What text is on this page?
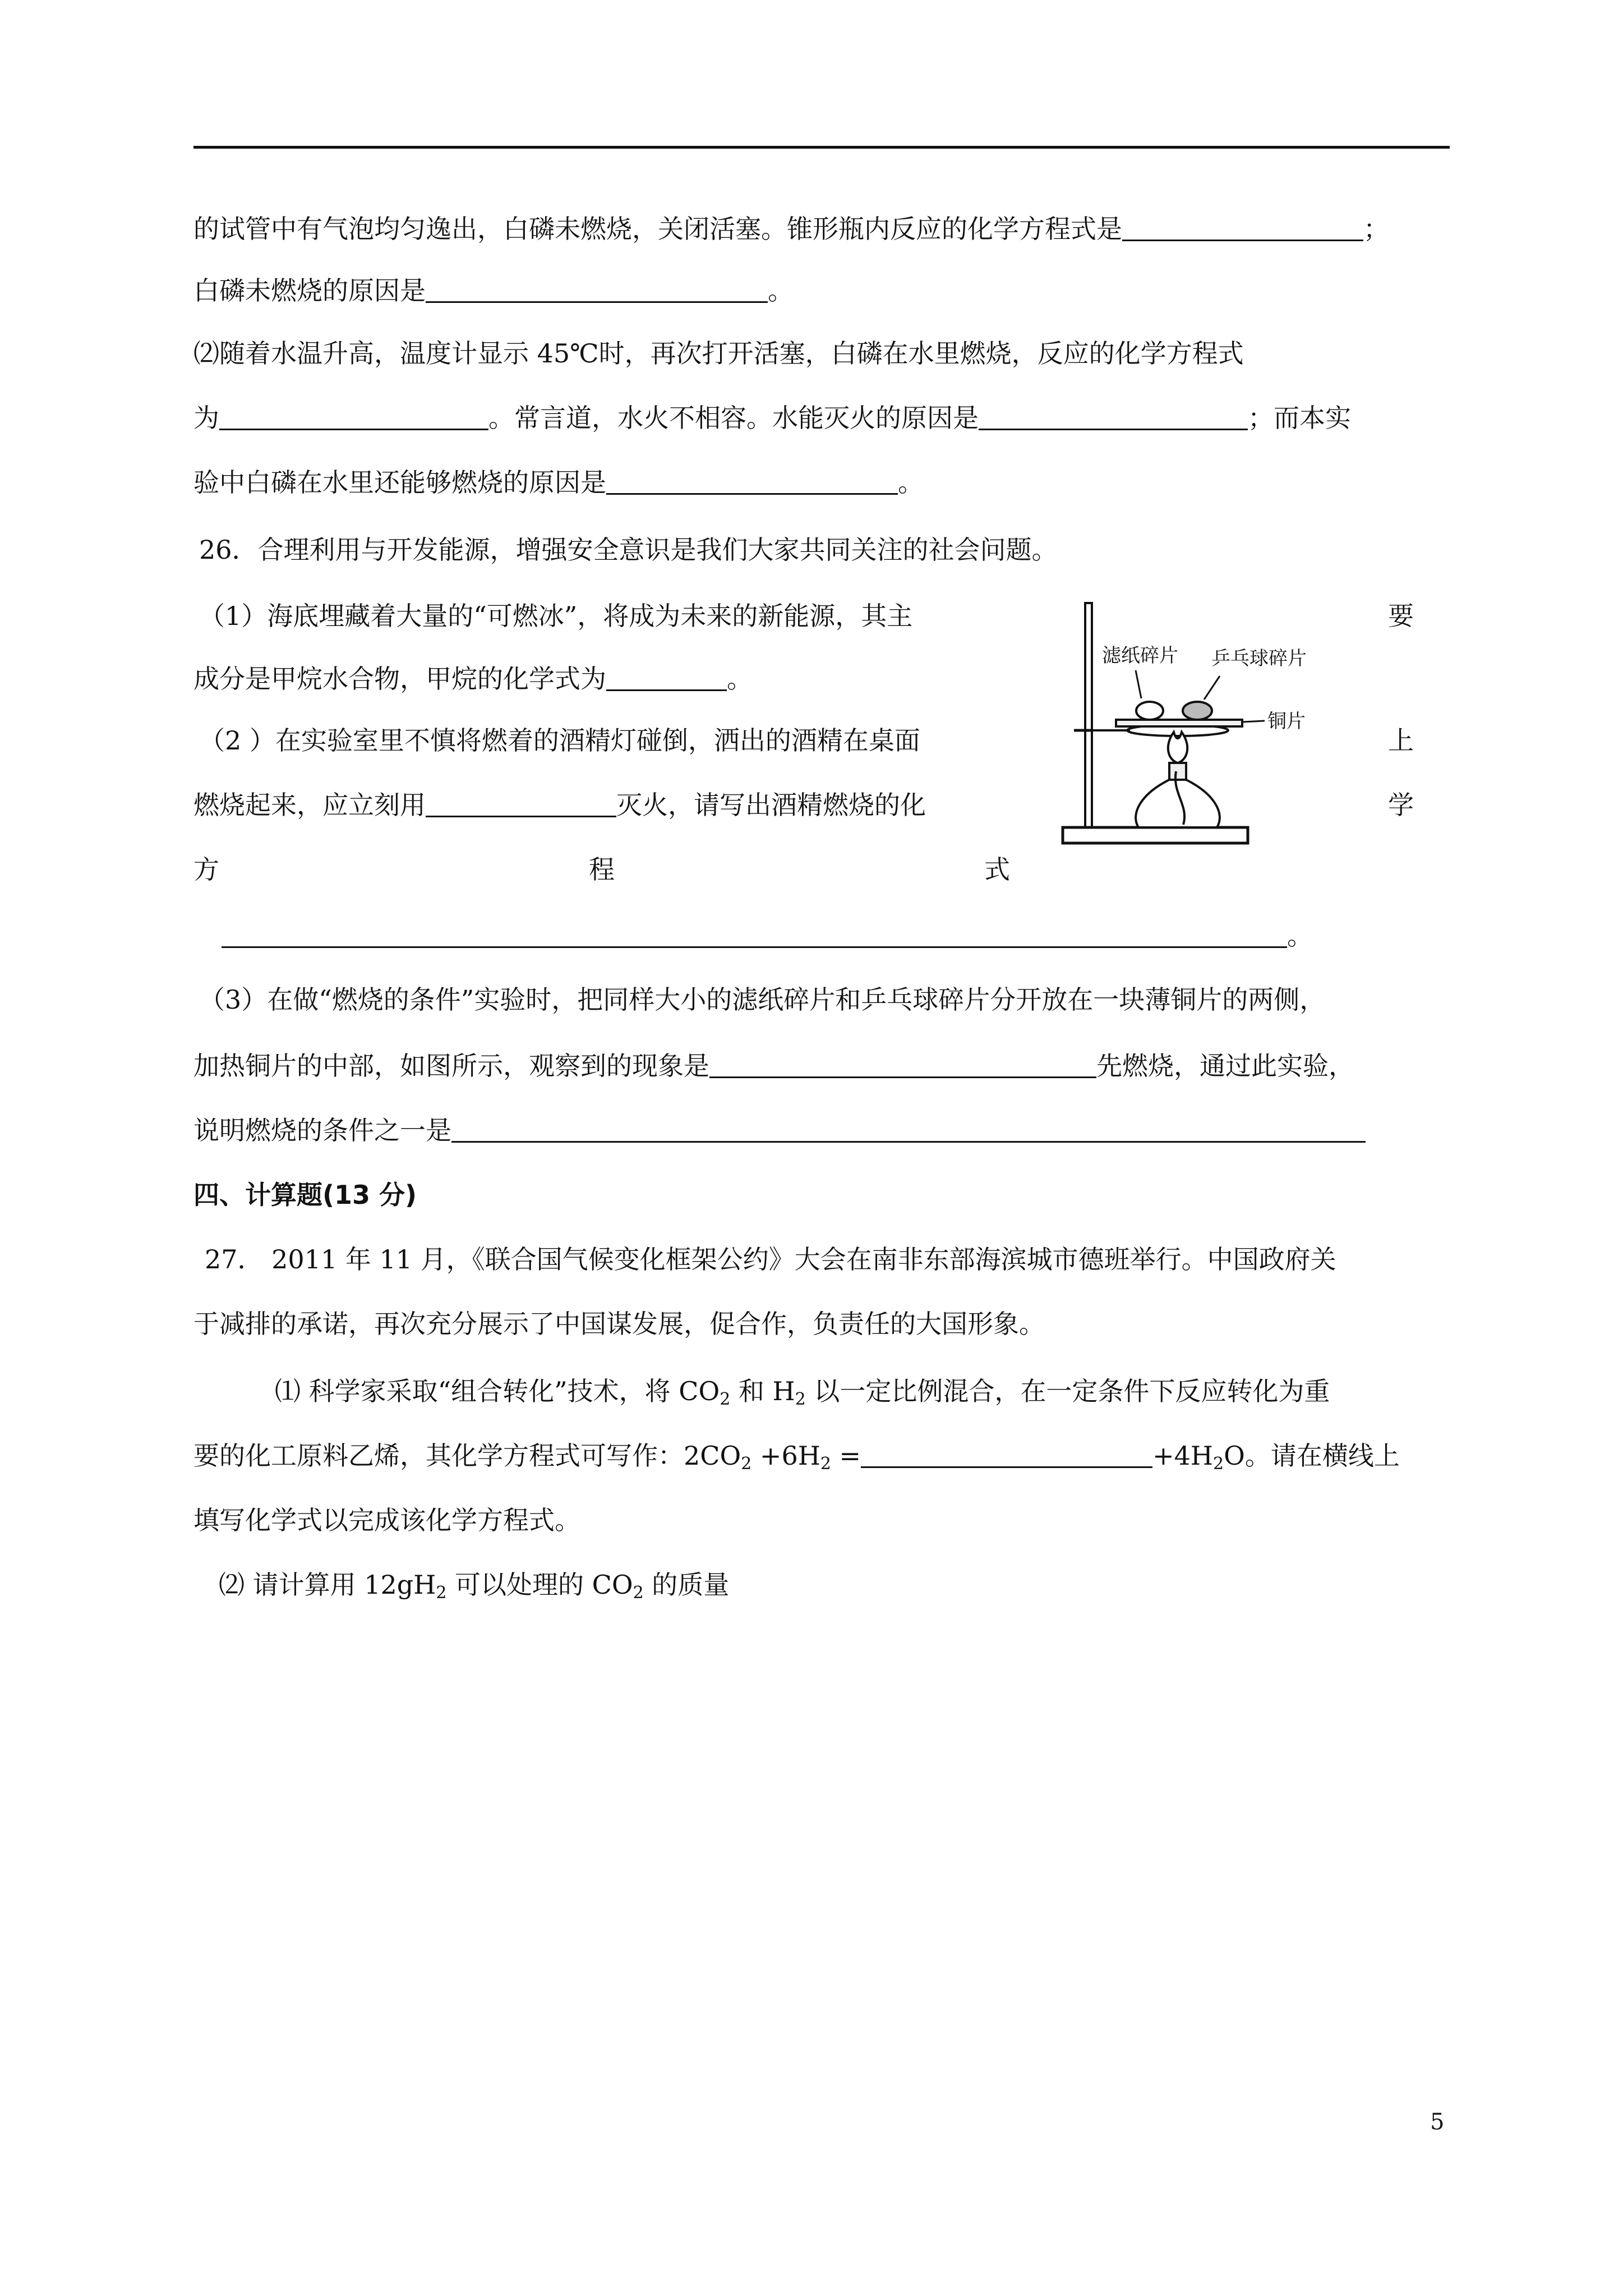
的试管中有气泡均匀逸出，白磷未燃烧，关闭活塞。锥形瓶内反应的化学方程式是	；
白磷未燃烧的原因是	。
⑵随着水温升高，温度计显示 45℃时，再次打开活塞，白磷在水里燃烧，反应的化学方程式
为	。常言道，水火不相容。水能灭火的原因是	；而本实
验中白磷在水里还能够燃烧的原因是	。
26．合理利用与开发能源，增强安全意识是我们大家共同关注的社会问题。
（1）海底埋藏着大量的“可燃冰”，将成为未来的新能源，其主	要
成分是甲烷水合物，甲烷的化学式为	。
（2 ）在实验室里不慎将燃着的酒精灯碰倒，洒出的酒精在桌面	上
燃烧起来，应立刻用	灭火，请写出酒精燃烧的化	学
方	程	式
。
滤纸碎片 乒乓球碎片
铜片
（3）在做“燃烧的条件”实验时，把同样大小的滤纸碎片和乒乓球碎片分开放在一块薄铜片的两侧，
加热铜片的中部，如图所示，观察到的现象是	先燃烧，通过此实验，
说明燃烧的条件之一是
四、计算题(13 分)
27． 2011 年 11 月，《联合国气候变化框架公约》大会在南非东部海滨城市德班举行。中国政府关
于减排的承诺，再次充分展示了中国谋发展，促合作，负责任的大国形象。
⑴ 科学家采取“组合转化”技术，将 $CO_2$ 和 $H_2$ 以一定比例混合，在一定条件下反应转化为重
要的化工原料乙烯，其化学方程式可写作：$2CO_2 +6H_2$ =	$+4H_2O$。请在横线上
填写化学式以完成该化学方程式。
⑵ 请计算用 $12gH_2$ 可以处理的 $CO_2$ 的质量
5
